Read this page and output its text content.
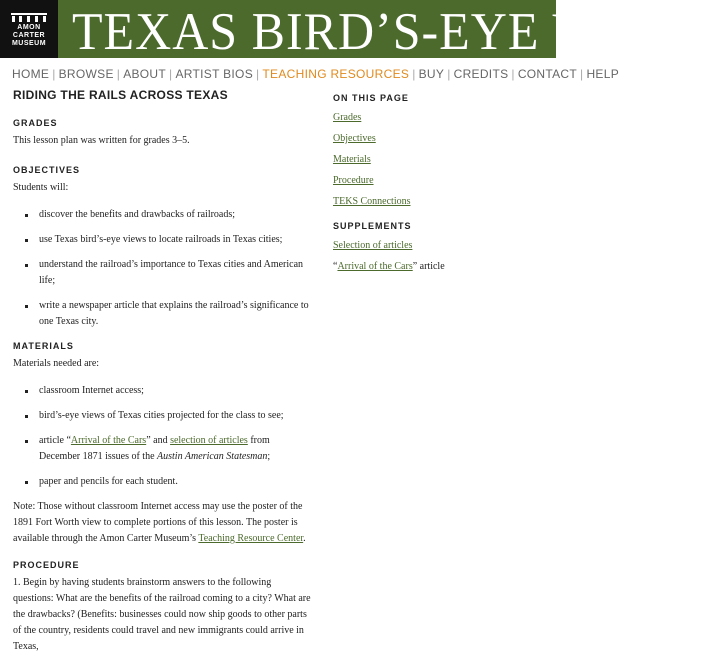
AMON
CARTER
MUSEUM TEXAS BIRD’S-EYE VIEWS
HOME | BROWSE | ABOUT | ARTIST BIOS | TEACHING RESOURCES | BUY | CREDITS | CONTACT | HELP
RIDING THE RAILS ACROSS TEXAS
GRADES

This lesson plan was written for grades 3–5.

OBJECTIVES

Students will:

discover the benefits and drawbacks of railroads;
use Texas bird’s-eye views to locate railroads in Texas cities;
understand the railroad’s importance to Texas cities and American life;
write a newspaper article that explains the railroad’s significance to one Texas city.
MATERIALS

Materials needed are:

classroom Internet access;
bird’s-eye views of Texas cities projected for the class to see;
article “Arrival of the Cars” and selection of articles from December 1871 issues of the Austin American Statesman;
paper and pencils for each student.

Note: Those without classroom Internet access may use the poster of the 1891 Fort Worth view to complete portions of this lesson. The poster is available through the Amon Carter Museum’s Teaching Resource Center.

PROCEDURE

1. Begin by having students brainstorm answers to the following questions: What are the benefits of the railroad coming to a city? What are the drawbacks? (Benefits: businesses could now ship goods to other parts of the country, residents could travel and new immigrants could arrive in Texas,

ON THIS PAGE
Grades
Objectives
Materials
Procedure
TEKS Connections
SUPPLEMENTS
Selection of articles
“Arrival of the Cars” article
